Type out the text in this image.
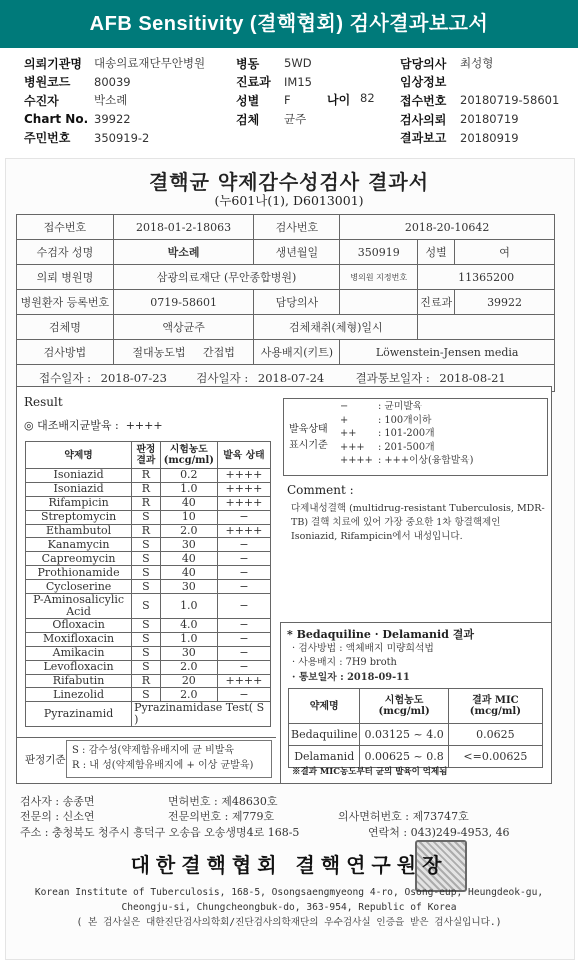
AFB Sensitivity (결핵협회) 검사결과보고서
의뢰기관명	대송의료재단무안병원
병원코드	80039
수진자	박소례
Chart No.	39922
주민번호	350919-2
병동	5WD
진료과	IM15
성별	F
검체	균주
나이 82
담당의사	최성형
임상정보	
접수번호	20180719-58601
검사의뢰	20180719
결과보고	20180919
결핵균 약제감수성검사 결과서
(누601나(1), D6013001)
접수번호	2018-01-2-18063	검사번호	2018-20-10642		
수검자 성명	박소례	생년월일	350919	성별	여
의뢰 병원명	삼광의료재단 (무안종합병원)		병의원 지정번호	11365200	
병원환자 등록번호	0719-58601	담당의사		진료과	39922
검체명	액상균주	검체채취(체형)일시			
검사방법	절대농도법 간접법	사용배지(키트)	Löwenstein-Jensen media		
접수일자 : 2018-07-23 검사일자 : 2018-07-24 결과통보일자 : 2018-08-21					
Result
◎ 대조배지균발육 : ++++
약제명	판정 결과	시험농도 (mcg/ml)	발육 상태
Isoniazid	R	0.2	++++
Isoniazid	R	1.0	++++
Rifampicin	R	40	++++
Streptomycin	S	10	−
Ethambutol	R	2.0	++++
Kanamycin	S	30	−
Capreomycin	S	40	−
Prothionamide	S	40	−
Cycloserine	S	30	−
P-Aminosalicylic Acid	S	1.0	−
Ofloxacin	S	4.0	−
Moxifloxacin	S	1.0	−
Amikacin	S	30	−
Levofloxacin	S	2.0	−
Rifabutin	R	20	++++
Linezolid	S	2.0	−
Pyrazinamid	Pyrazinamidase Test( S )		
발육상태
표시기준
−	: 균미발육
+	: 100개이하
++ : 101-200개
+++ : 201-500개
++++ : +++이상(융합발육)
Comment :
다제내성결핵 (multidrug-resistant Tuberculosis, MDR-TB) 결핵 치료에 있어 가장 중요한 1차 항결핵제인 Isoniazid, Rifampicin에서 내성입니다.
* Bedaquiline · Delamanid 결과
· 검사방법 : 액체배지 미량희석법
· 사용배지 : 7H9 broth
· 통보일자 : 2018-09-11
약제명	시험농도 (mcg/ml)	결과 MIC (mcg/ml)
Bedaquiline	0.03125 ~ 4.0	0.0625
Delamanid	0.00625 ~ 0.8	<=0.00625
※결과 MIC농도부터 균의 발육이 억제됨
판정기준
S : 감수성(약제함유배지에 균 비발육
R : 내 성(약제함유배지에 + 이상 균발육)
검사자 : 송종면	면허번호 : 제48630호
전문의 : 신소연	전문의번호 : 제779호	의사면허번호 : 제73747호
주소 : 충청북도 청주시 흥덕구 오송읍 오송생명4로 168-5	연락처 : 043)249-4953, 46
대한결핵협회 결핵연구원장
Korean Institute of Tuberculosis, 168-5, Osongsaengmyeong 4-ro, Osong-eup, Heungdeok-gu,
Cheongju-si, Chungcheongbuk-do, 363-954, Republic of Korea
( 본 검사실은 대한진단검사의학회/진단검사의학재단의 우수검사실 인증을 받은 검사실입니다.)
